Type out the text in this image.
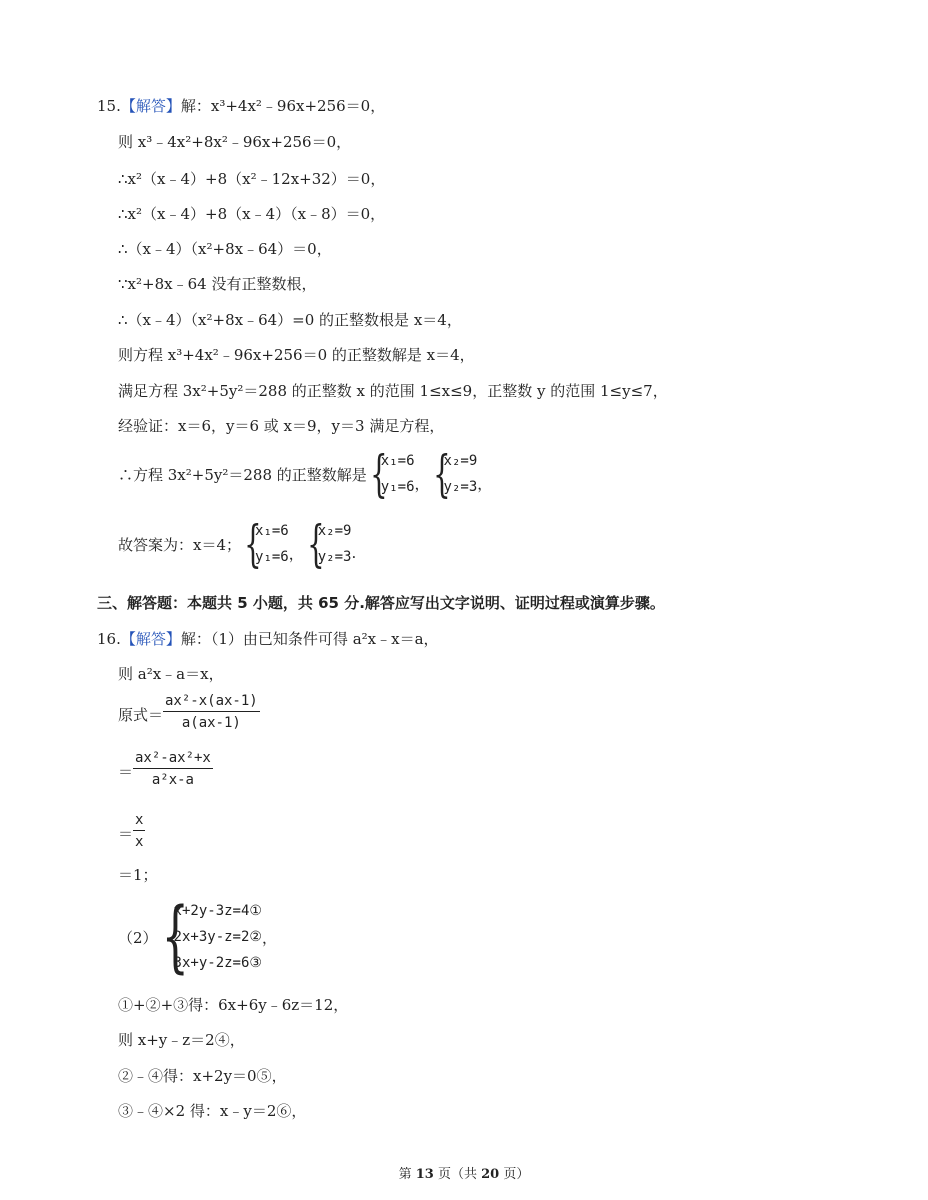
15.【解答】解：x³+4x²﹣96x+256＝0，
则 x³﹣4x²+8x²﹣96x+256＝0，
∴x²（x﹣4）+8（x²﹣12x+32）＝0，
∴x²（x﹣4）+8（x﹣4）（x﹣8）＝0，
∴（x﹣4）（x²+8x﹣64）＝0，
∵x²+8x﹣64 没有正整数根，
∴（x﹣4）（x²+8x﹣64）=0 的正整数根是 x＝4，
则方程 x³+4x²﹣96x+256＝0 的正整数解是 x＝4，
满足方程 3x²+5y²＝288 的正整数 x 的范围 1≤x≤9，正整数 y 的范围 1≤y≤7，
经验证：x＝6，y＝6 或 x＝9，y＝3 满足方程，
∴方程 3x²+5y²＝288 的正整数解是 {
x₁=6
y₁=6 ， {
x₂=9
y₂=3 ，
故答案为：x＝4； {
x₁=6
y₁=6 ， {
x₂=9
y₂=3 .
三、解答题：本题共 5 小题，共 65 分.解答应写出文字说明、证明过程或演算步骤。
16.【解答】解：（1）由已知条件可得 a²x﹣x＝a，
则 a²x﹣a＝x，
原式＝ $\frac{\text{ax²-x(ax-1)}}{a(ax-1)}$
＝ $\frac{\text{ax²-ax²+x}}{\text{a²x-a}}$
＝ $\frac{x}{x}$
＝1；
（2） {
x+2y-3z=4①
2x+3y-z=2②
3x+y-2z=6③
，
①+②+③得：6x+6y﹣6z＝12，
则 x+y﹣z＝2④，
②﹣④得：x+2y＝0⑤，
③﹣④×2 得：x﹣y＝2⑥，
第 13 页（共 20 页）
